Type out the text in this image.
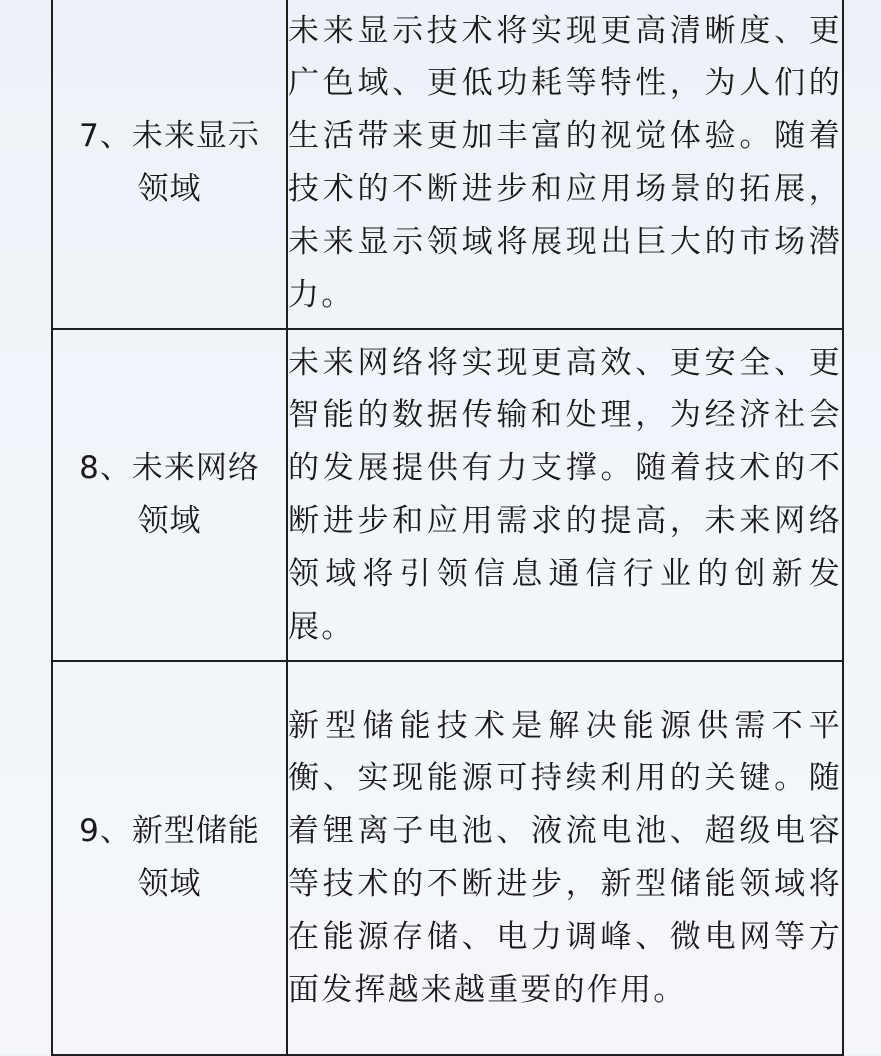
7、未来显示
领域	未来显示技术将实现更高清晰度、更广色域、更低功耗等特性，为人们的生活带来更加丰富的视觉体验。随着技术的不断进步和应用场景的拓展，未来显示领域将展现出巨大的市场潜力。

8、未来网络
领域	未来网络将实现更高效、更安全、更智能的数据传输和处理，为经济社会的发展提供有力支撑。随着技术的不断进步和应用需求的提高，未来网络领域将引领信息通信行业的创新发展。

9、新型储能
领域	新型储能技术是解决能源供需不平衡、实现能源可持续利用的关键。随着锂离子电池、液流电池、超级电容等技术的不断进步，新型储能领域将在能源存储、电力调峰、微电网等方面发挥越来越重要的作用。
